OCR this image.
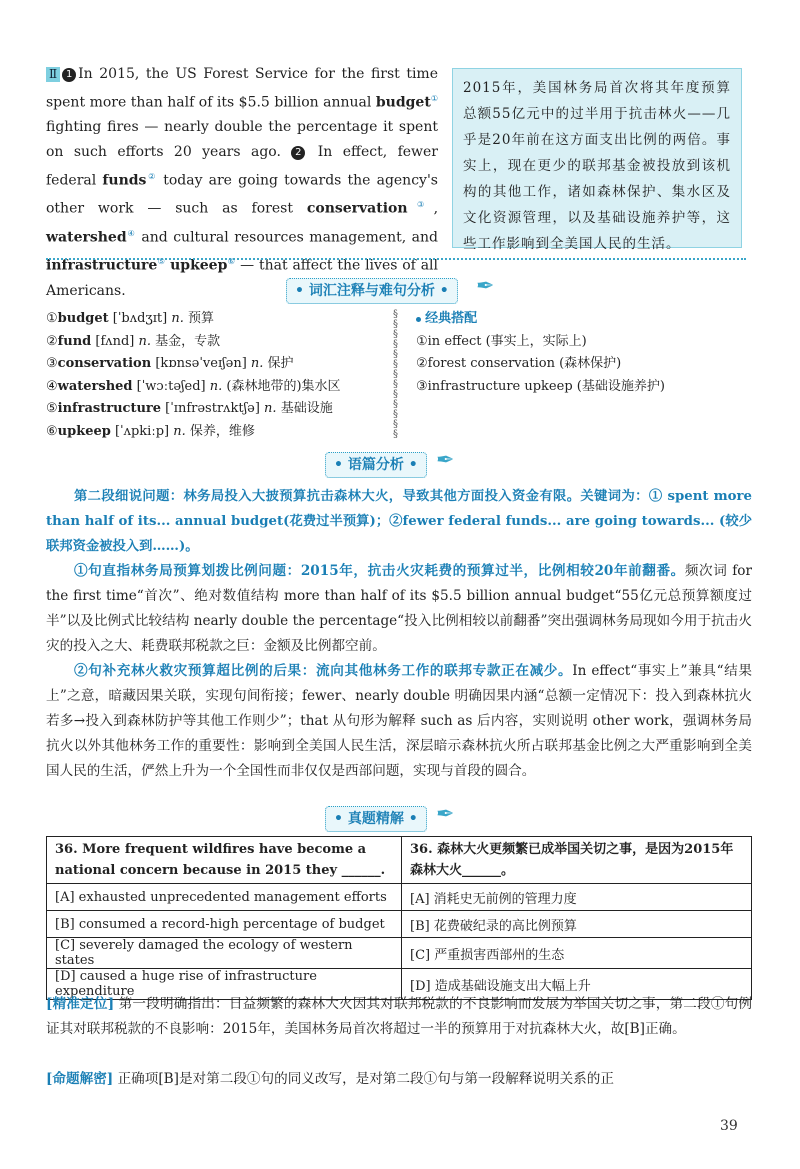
Ⅱ 1 In 2015, the US Forest Service for the first time spent more than half of its $5.5 billion annual budget① fighting fires — nearly double the percentage it spent on such efforts 20 years ago. 2 In effect, fewer federal funds② today are going towards the agency's other work — such as forest conservation③, watershed④ and cultural resources management, and infrastructure⑤ upkeep⑥ — that affect the lives of all Americans.
2015年，美国林务局首次将其年度预算总额55亿元中的过半用于抗击林火——几乎是20年前在这方面支出比例的两倍。事实上，现在更少的联邦基金被投放到该机构的其他工作，诸如森林保护、集水区及文化资源管理，以及基础设施养护等，这些工作影响到全美国人民的生活。
• 词汇注释与难句分析 •	✒
①budget [ˈbʌdʒɪt] n. 预算
②fund [fʌnd] n. 基金，专款
③conservation [kɒnsəˈveɪʃən] n. 保护
④watershed [ˈwɔːtəʃed] n. (森林地带的)集水区
⑤infrastructure [ˈɪnfrəstrʌktʃə] n. 基础设施
⑥upkeep [ˈʌpkiːp] n. 保养，维修
§
§
§
§
§
§
§
§
§
§
§
§
§
经典搭配
①in effect (事实上，实际上)
②forest conservation (森林保护)
③infrastructure upkeep (基础设施养护)
• 语篇分析 • ✒
第二段细说问题：林务局投入大披预算抗击森林大火，导致其他方面投入资金有限。关键词为：① spent more than half of its... annual budget(花费过半预算)；②fewer federal funds... are going towards... (较少联邦资金被投入到……)。
①句直指林务局预算划拨比例问题：2015年，抗击火灾耗费的预算过半，比例相较20年前翻番。频次词 for the first time“首次”、绝对数值结构 more than half of its $5.5 billion annual budget“55亿元总预算额度过半”以及比例式比较结构 nearly double the percentage“投入比例相较以前翻番”突出强调林务局现如今用于抗击火灾的投入之大、耗费联邦税款之巨：金额及比例都空前。
②句补充林火救灾预算超比例的后果：流向其他林务工作的联邦专款正在减少。In effect“事实上”兼具“结果上”之意，暗藏因果关联，实现句间衔接；fewer、nearly double 明确因果内涵“总额一定情况下：投入到森林抗火若多→投入到森林防护等其他工作则少”；that 从句形为解释 such as 后内容，实则说明 other work，强调林务局抗火以外其他林务工作的重要性：影响到全美国人民生活，深层暗示森林抗火所占联邦基金比例之大严重影响到全美国人民的生活，俨然上升为一个全国性而非仅仅是西部问题，实现与首段的圆合。
• 真题精解 • ✒
36. More frequent wildfires have become a national concern because in 2015 they ______.	36. 森林大火更频繁已成举国关切之事，是因为2015年森林大火______。
[A] exhausted unprecedented management efforts	[A] 消耗史无前例的管理力度
[B] consumed a record-high percentage of budget	[B] 花费破纪录的高比例预算
[C] severely damaged the ecology of western states	[C] 严重损害西部州的生态
[D] caused a huge rise of infrastructure expenditure	[D] 造成基础设施支出大幅上升
[精准定位] 第一段明确指出：日益频繁的森林大火因其对联邦税款的不良影响而发展为举国关切之事，第二段①句例证其对联邦税款的不良影响：2015年，美国林务局首次将超过一半的预算用于对抗森林大火，故[B]正确。
[命题解密] 正确项[B]是对第二段①句的同义改写，是对第二段①句与第一段解释说明关系的正
39
